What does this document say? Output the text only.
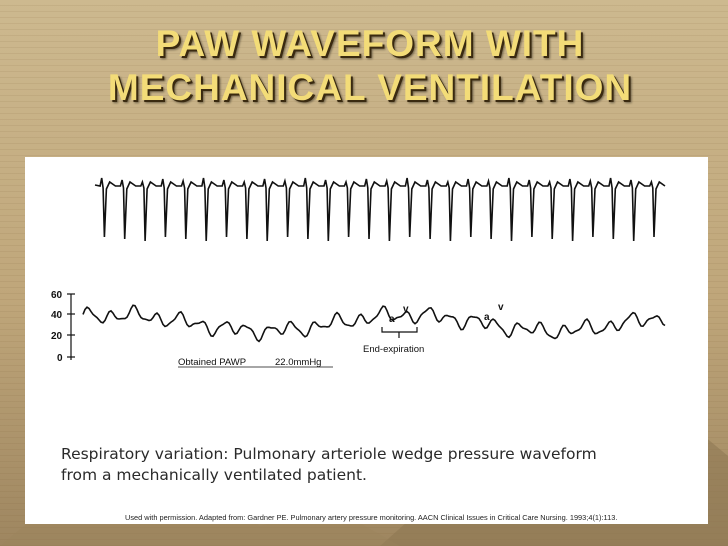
PAW WAVEFORM WITH
MECHANICAL VENTILATION
60
40
20
0
a
v
a
v
End-expiration
Obtained PAWP	22.0mmHg

Respiratory variation: Pulmonary arteriole wedge pressure waveform
from a mechanically ventilated patient.

Used with permission. Adapted from: Gardner PE. Pulmonary artery pressure monitoring. AACN Clinical Issues in Critical Care Nursing. 1993;4(1):113.
